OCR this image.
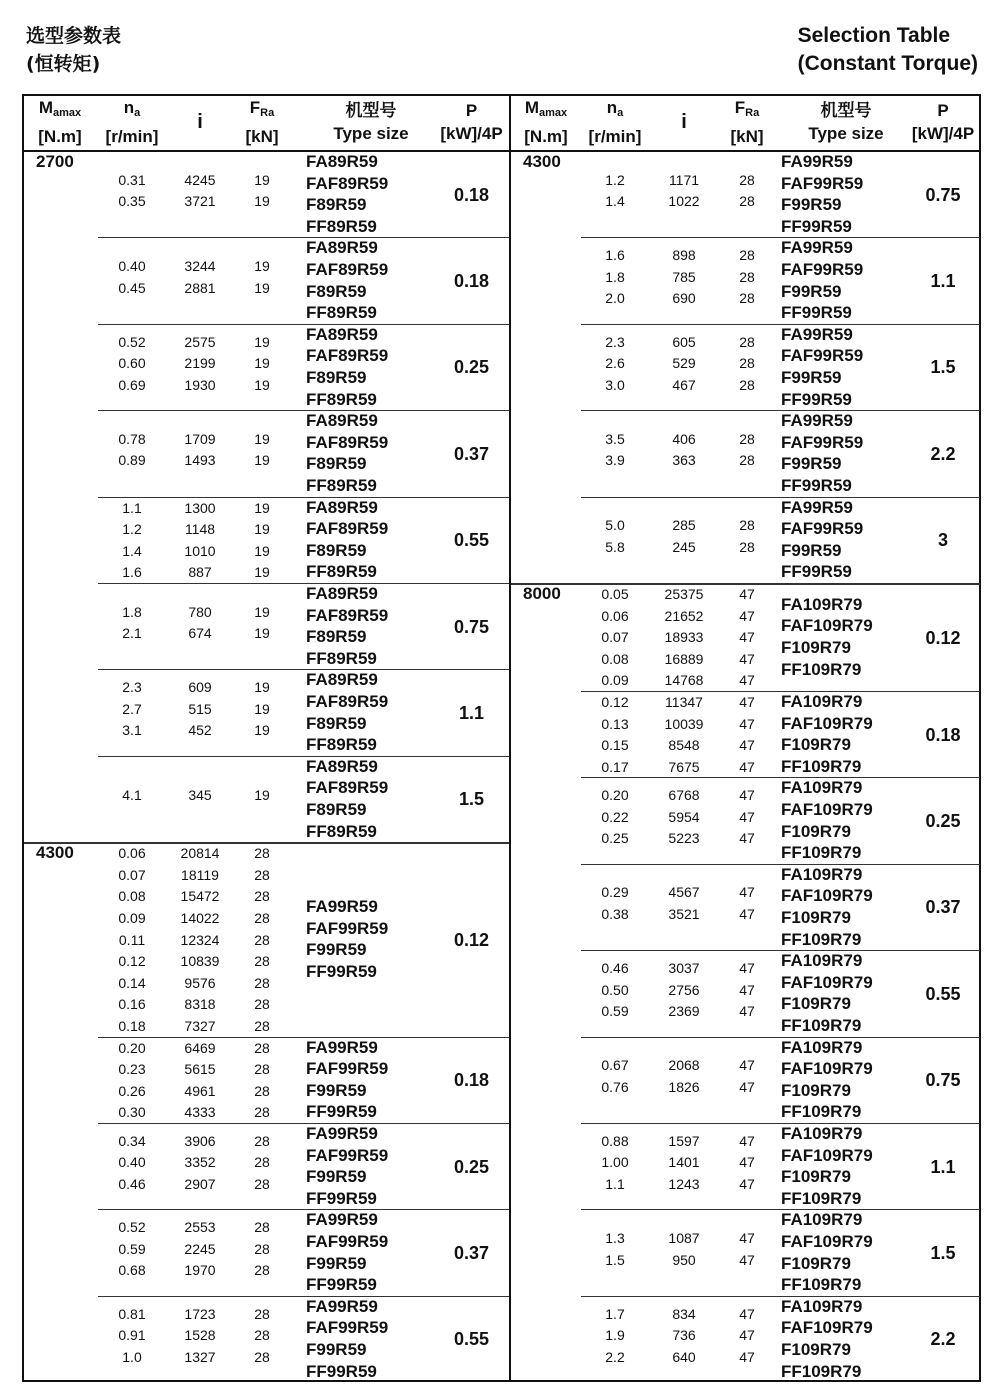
选型参数表
(恒转矩)
Selection Table
(Constant Torque)
$M_{amax}$
[N.m]
$n_a$
[r/min]
i
$F_{Ra}$
[kN]
机型号
Type size
P
[kW]/4P
2700
0.31	4245	19
0.35	3721	19
FA89R59
FAF89R59
F89R59
FF89R59
0.18
0.40	3244	19
0.45	2881	19
FA89R59
FAF89R59
F89R59
FF89R59
0.18
0.52	2575	19
0.60	2199	19
0.69	1930	19
FA89R59
FAF89R59
F89R59
FF89R59
0.25
0.78	1709	19
0.89	1493	19
FA89R59
FAF89R59
F89R59
FF89R59
0.37
1.1	1300	19
1.2	1148	19
1.4	1010	19
1.6	887	19
FA89R59
FAF89R59
F89R59
FF89R59
0.55
1.8	780	19
2.1	674	19
FA89R59
FAF89R59
F89R59
FF89R59
0.75
2.3	609	19
2.7	515	19
3.1	452	19
FA89R59
FAF89R59
F89R59
FF89R59
1.1
4.1	345	19
FA89R59
FAF89R59
F89R59
FF89R59
1.5
4300	0.06	20814	28
0.07	18119	28
0.08	15472	28
0.09	14022	28
0.11	12324	28
0.12	10839	28
0.14	9576	28
0.16	8318	28
0.18	7327	28
FA99R59
FAF99R59
F99R59
FF99R59
0.12
0.20	6469	28
0.23	5615	28
0.26	4961	28
0.30	4333	28
FA99R59
FAF99R59
F99R59
FF99R59
0.18
0.34	3906	28
0.40	3352	28
0.46	2907	28
FA99R59
FAF99R59
F99R59
FF99R59
0.25
0.52	2553	28
0.59	2245	28
0.68	1970	28
FA99R59
FAF99R59
F99R59
FF99R59
0.37
0.81	1723	28
0.91	1528	28
1.0	1327	28
FA99R59
FAF99R59
F99R59
FF99R59
0.55
$M_{amax}$
[N.m]
$n_a$
[r/min]
i
$F_{Ra}$
[kN]
机型号
Type size
P
[kW]/4P
4300
1.2	1171	28
1.4	1022	28
FA99R59
FAF99R59
F99R59
FF99R59
0.75
1.6	898	28
1.8	785	28
2.0	690	28
FA99R59
FAF99R59
F99R59
FF99R59
1.1
2.3	605	28
2.6	529	28
3.0	467	28
FA99R59
FAF99R59
F99R59
FF99R59
1.5
3.5	406	28
3.9	363	28
FA99R59
FAF99R59
F99R59
FF99R59
2.2
5.0	285	28
5.8	245	28
FA99R59
FAF99R59
F99R59
FF99R59
3
8000	0.05	25375	47
0.06	21652	47
0.07	18933	47
0.08	16889	47
0.09	14768	47
FA109R79
FAF109R79
F109R79
FF109R79
0.12
0.12	11347	47
0.13	10039	47
0.15	8548	47
0.17	7675	47
FA109R79
FAF109R79
F109R79
FF109R79
0.18
0.20	6768	47
0.22	5954	47
0.25	5223	47
FA109R79
FAF109R79
F109R79
FF109R79
0.25
0.29	4567	47
0.38	3521	47
FA109R79
FAF109R79
F109R79
FF109R79
0.37
0.46	3037	47
0.50	2756	47
0.59	2369	47
FA109R79
FAF109R79
F109R79
FF109R79
0.55
0.67	2068	47
0.76	1826	47
FA109R79
FAF109R79
F109R79
FF109R79
0.75
0.88	1597	47
1.00	1401	47
1.1	1243	47
FA109R79
FAF109R79
F109R79
FF109R79
1.1
1.3	1087	47
1.5	950	47
FA109R79
FAF109R79
F109R79
FF109R79
1.5
1.7	834	47
1.9	736	47
2.2	640	47
FA109R79
FAF109R79
F109R79
FF109R79
2.2
